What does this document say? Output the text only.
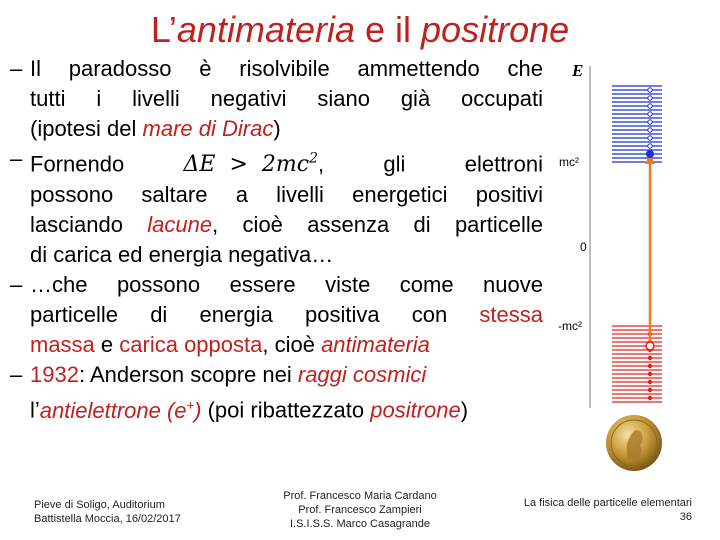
L’antimateria e il positrone
– Il paradosso è risolvibile ammettendo che
tutti i livelli negativi siano già occupati
(ipotesi del mare di Dirac)
– Fornendo	$\Delta E > 2mc^2$, gli elettroni
possono saltare a livelli energetici positivi
lasciando lacune, cioè assenza di particelle
di carica ed energia negativa…
– …che possono essere viste come nuove
particelle di energia positiva con stessa
massa e carica opposta, cioè antimateria
– 1932: Anderson scopre nei raggi cosmici
l’antielettrone (e+) (poi ribattezzato positrone)
E
mc²
0
-mc²
Pieve di Soligo, Auditorium
Battistella Moccia, 16/02/2017
Prof. Francesco Maria Cardano
Prof. Francesco Zampieri
I.S.I.S.S. Marco Casagrande
La fisica delle particelle elementari
36
